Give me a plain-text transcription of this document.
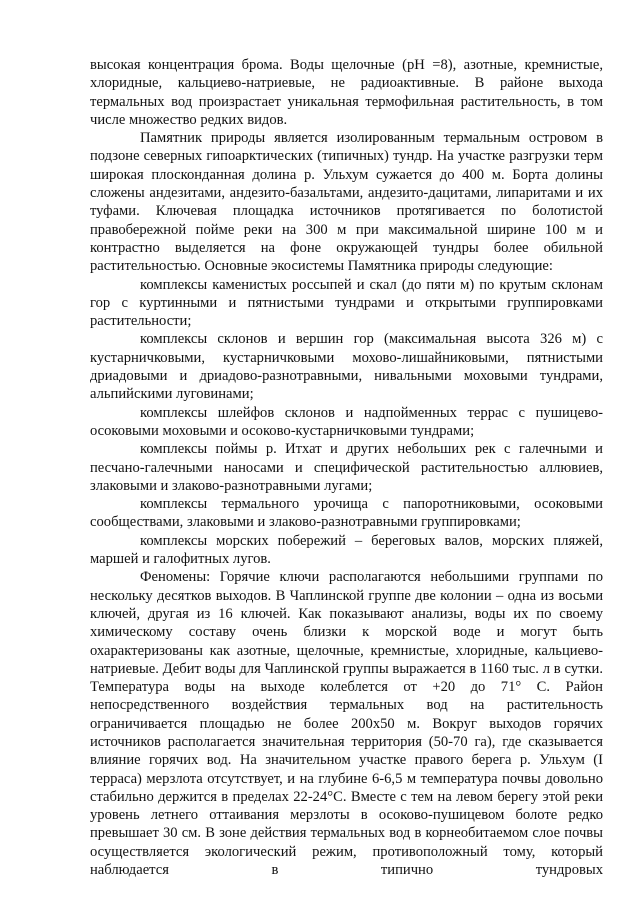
высокая концентрация брома. Воды щелочные (pH =8), азотные, кремнистые, хлоридные, кальциево-натриевые, не радиоактивные. В районе выхода термальных вод произрастает уникальная термофильная растительность, в том числе множество редких видов.

Памятник природы является изолированным термальным островом в подзоне северных гипоарктических (типичных) тундр. На участке разгрузки терм широкая плосконданная долина р. Ульхум сужается до 400 м. Борта долины сложены андезитами, андезито-базальтами, андезито-дацитами, липаритами и их туфами. Ключевая площадка источников протягивается по болотистой правобережной пойме реки на 300 м при максимальной ширине 100 м и контрастно выделяется на фоне окружающей тундры более обильной растительностью. Основные экосистемы Памятника природы следующие:

комплексы каменистых россыпей и скал (до пяти м) по крутым склонам гор с куртинными и пятнистыми тундрами и открытыми группировками растительности;

комплексы склонов и вершин гор (максимальная высота 326 м) с кустарничковыми, кустарничковыми мохово-лишайниковыми, пятнистыми дриадовыми и дриадово-разнотравными, нивальными моховыми тундрами, альпийскими луговинами;

комплексы шлейфов склонов и надпойменных террас с пушицево-осоковыми моховыми и осоково-кустарничковыми тундрами;

комплексы поймы р. Итхат и других небольших рек с галечными и песчано-галечными наносами и специфической растительностью аллювиев, злаковыми и злаково-разнотравными лугами;

комплексы термального урочища с папоротниковыми, осоковыми сообществами, злаковыми и злаково-разнотравными группировками;

комплексы морских побережий – береговых валов, морских пляжей, маршей и галофитных лугов.

Феномены: Горячие ключи располагаются небольшими группами по нескольку десятков выходов. В Чаплинской группе две колонии – одна из восьми ключей, другая из 16 ключей. Как показывают анализы, воды их по своему химическому составу очень близки к морской воде и могут быть охарактеризованы как азотные, щелочные, кремнистые, хлоридные, кальциево-натриевые. Дебит воды для Чаплинской группы выражается в 1160 тыс. л в сутки. Температура воды на выходе колеблется от +20 до 71° С. Район непосредственного воздействия термальных вод на растительность ограничивается площадью не более 200х50 м. Вокруг выходов горячих источников располагается значительная территория (50-70 га), где сказывается влияние горячих вод. На значительном участке правого берега р. Ульхум (I терраса) мерзлота отсутствует, и на глубине 6-6,5 м температура почвы довольно стабильно держится в пределах 22-24°С. Вместе с тем на левом берегу этой реки уровень летнего оттаивания мерзлоты в осоково-пушицевом болоте редко превышает 30 см. В зоне действия термальных вод в корнеобитаемом слое почвы осуществляется экологический режим, противоположный тому, который наблюдается в типично тундровых
